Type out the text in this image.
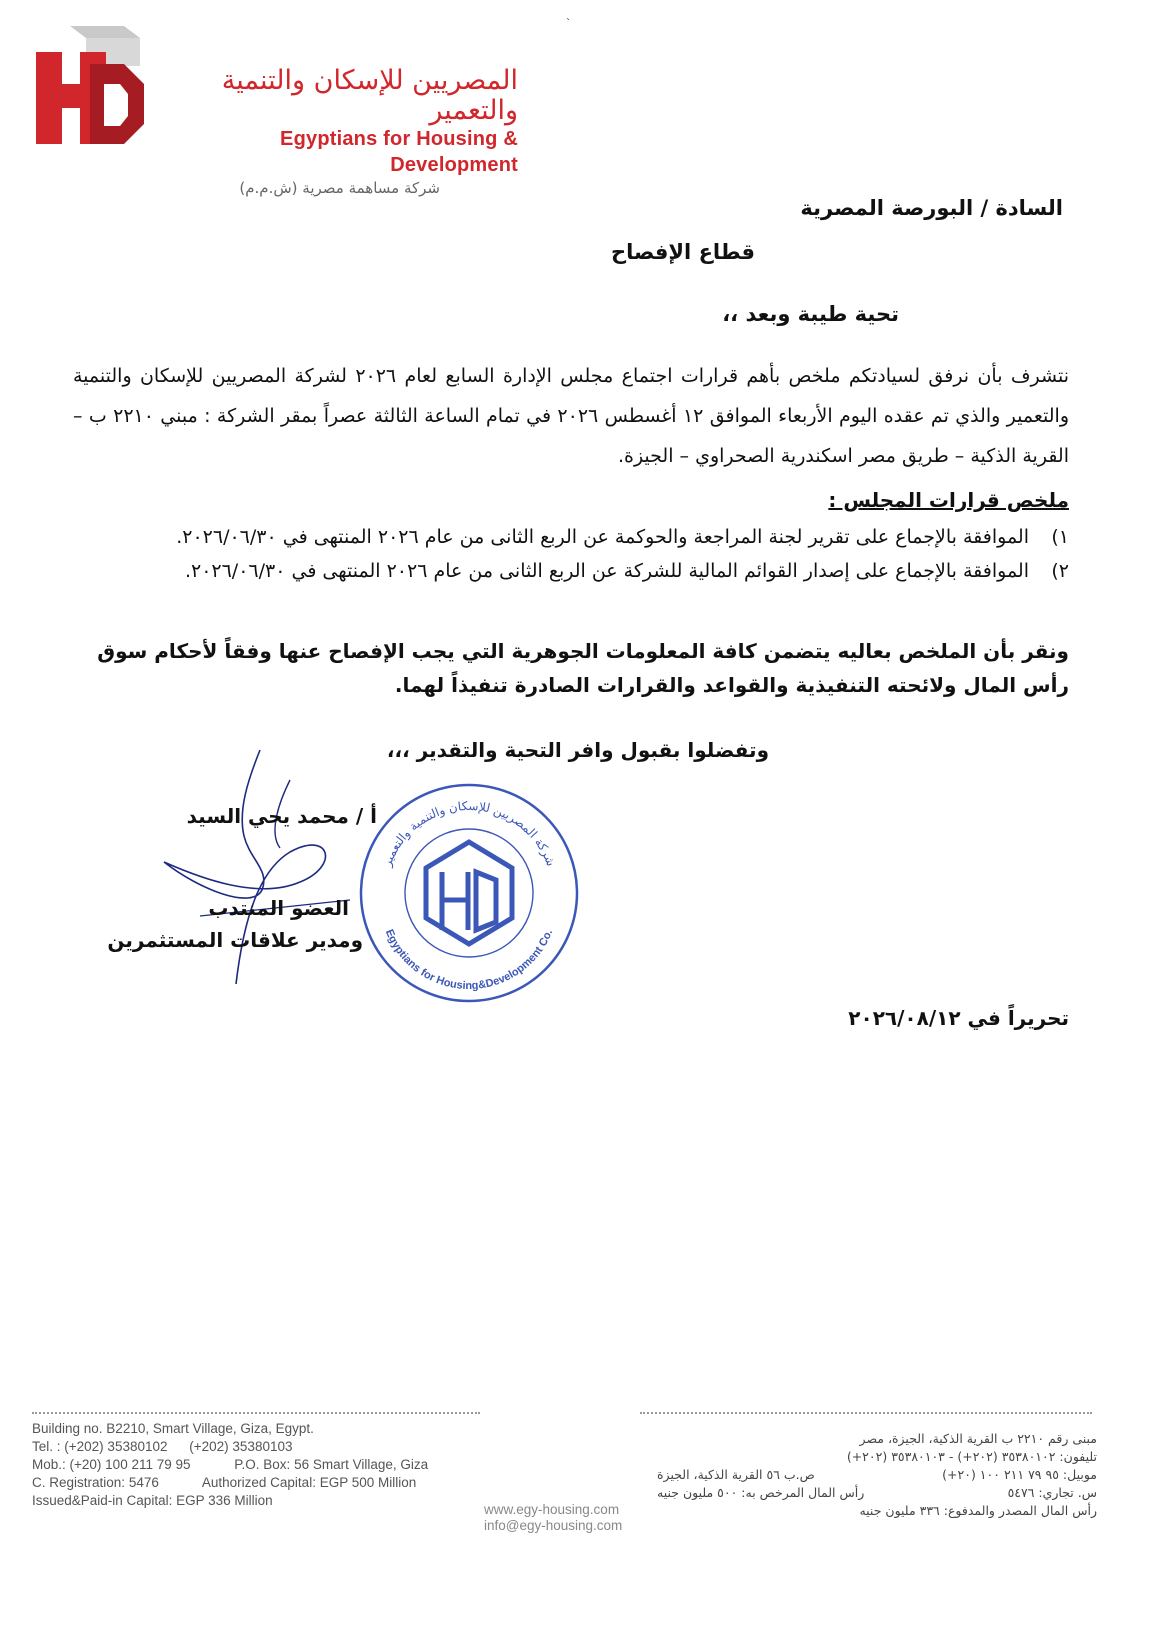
`
المصريين للإسكان والتنمية والتعمير
Egyptians for Housing & Development
شركة مساهمة مصرية (ش.م.م)
السادة / البورصة المصرية
قطاع الإفصاح
تحية طيبة وبعد ،،
نتشرف بأن نرفق لسيادتكم ملخص بأهم قرارات اجتماع مجلس الإدارة السابع لعام ٢٠٢٦ لشركة المصريين للإسكان والتنمية والتعمير والذي تم عقده اليوم الأربعاء الموافق ١٢ أغسطس ٢٠٢٦ في تمام الساعة الثالثة عصراً بمقر الشركة : مبني ٢٢١٠ ب – القرية الذكية – طريق مصر اسكندرية الصحراوي – الجيزة.
ملخص قرارات المجلس :
١)
الموافقة بالإجماع على تقرير لجنة المراجعة والحوكمة عن الربع الثانى من عام ٢٠٢٦ المنتهى في ٢٠٢٦/٠٦/٣٠.
٢)
الموافقة بالإجماع على إصدار القوائم المالية للشركة عن الربع الثانى من عام ٢٠٢٦ المنتهى في ٢٠٢٦/٠٦/٣٠.
ونقر بأن الملخص بعاليه يتضمن كافة المعلومات الجوهرية التي يجب الإفصاح عنها وفقاً لأحكام سوق رأس المال ولائحته التنفيذية والقواعد والقرارات الصادرة تنفيذاً لهما.
وتفضلوا بقبول وافر التحية والتقدير ،،،
أ / محمد يحي السيد
العضو المنتدب
ومدير علاقات المستثمرين
شركة المصريين للإسكان والتنمية والتعمير
Egyptians for Housing&Development Co.
تحريراً في ٢٠٢٦/٠٨/١٢
Building no. B2210, Smart Village, Giza, Egypt.
Tel. : (+202) 35380102 (+202) 35380103
Mob.: (+20) 100 211 79 95	P.O. Box: 56 Smart Village, Giza
C. Registration: 5476	Authorized Capital: EGP 500 Million
Issued&Paid-in Capital: EGP 336 Million
www.egy-housing.com
info@egy-housing.com
مبنى رقم ٢٢١٠ ب القرية الذكية، الجيزة، مصر
تليفون: ٣٥٣٨٠١٠٢ (٢٠٢+) - ٣٥٣٨٠١٠٣ (٢٠٢+)
موبيل: ٩٥ ٧٩ ٢١١ ١٠٠ (٢٠+)
ص.ب ٥٦ القرية الذكية، الجيزة
س. تجاري: ٥٤٧٦
رأس المال المرخص به: ٥٠٠ مليون جنيه
رأس المال المصدر والمدفوع: ٣٣٦ مليون جنيه
